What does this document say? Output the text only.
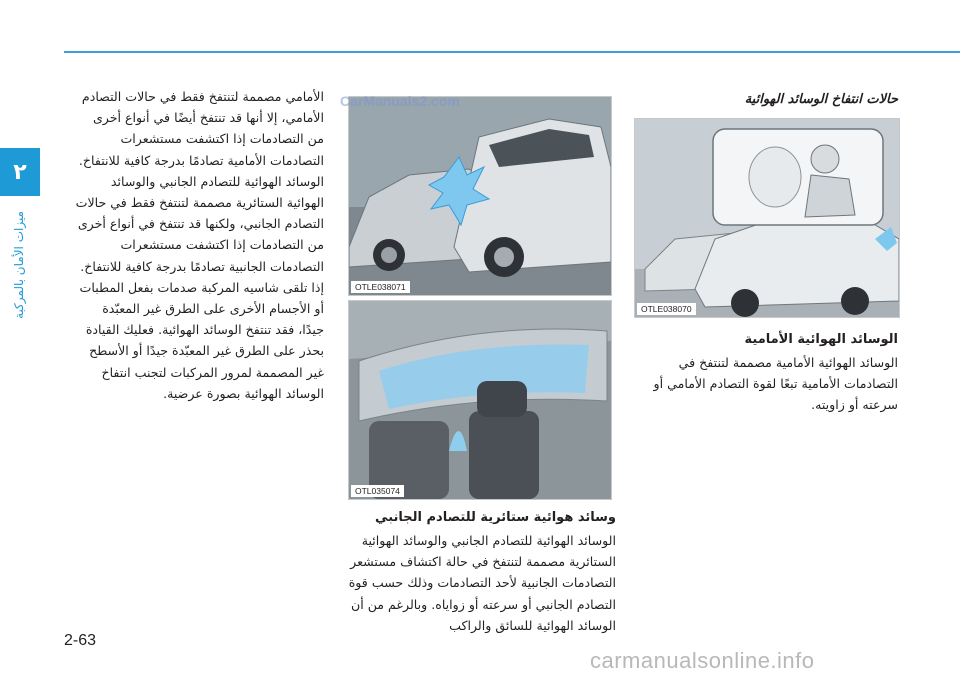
٢
ميزات الأمان بالمركبة

الأمامي مصممة لتنتفخ فقط في حالات التصادم الأمامي، إلا أنها قد تنتفخ أيضًا في أنواع أخرى من التصادمات إذا اكتشفت مستشعرات التصادمات الأمامية تصادمًا بدرجة كافية للانتفاخ. الوسائد الهوائية للتصادم الجانبي والوسائد الهوائية الستائرية مصممة لتنتفخ فقط في حالات التصادم الجانبي، ولكنها قد تنتفخ في أنواع أخرى من التصادمات إذا اكتشفت مستشعرات التصادمات الجانبية تصادمًا بدرجة كافية للانتفاخ.

إذا تلقى شاسيه المركبة صدمات بفعل المطبات أو الأجسام الأخرى على الطرق غير المعبّدة جيدًا، فقد تنتفخ الوسائد الهوائية. فعليك القيادة بحذر على الطرق غير المعبّدة جيدًا أو الأسطح غير المصممة لمرور المركبات لتجنب انتفاخ الوسائد الهوائية بصورة عرضية.

OTLE038071
CarManuals2.com
OTL035074
وسائد هوائية ستائرية للتصادم الجانبي

الوسائد الهوائية للتصادم الجانبي والوسائد الهوائية الستائرية مصممة لتنتفخ في حالة اكتشاف مستشعر التصادمات الجانبية لأحد التصادمات وذلك حسب قوة التصادم الجانبي أو سرعته أو زواياه. وبالرغم من أن الوسائد الهوائية للسائق والراكب

حالات انتفاخ الوسائد الهوائية
OTLE038070
الوسائد الهوائية الأمامية

الوسائد الهوائية الأمامية مصممة لتنتفخ في التصادمات الأمامية تبعًا لقوة التصادم الأمامي أو سرعته أو زاويته.

2-63
carmanualsonline.info
